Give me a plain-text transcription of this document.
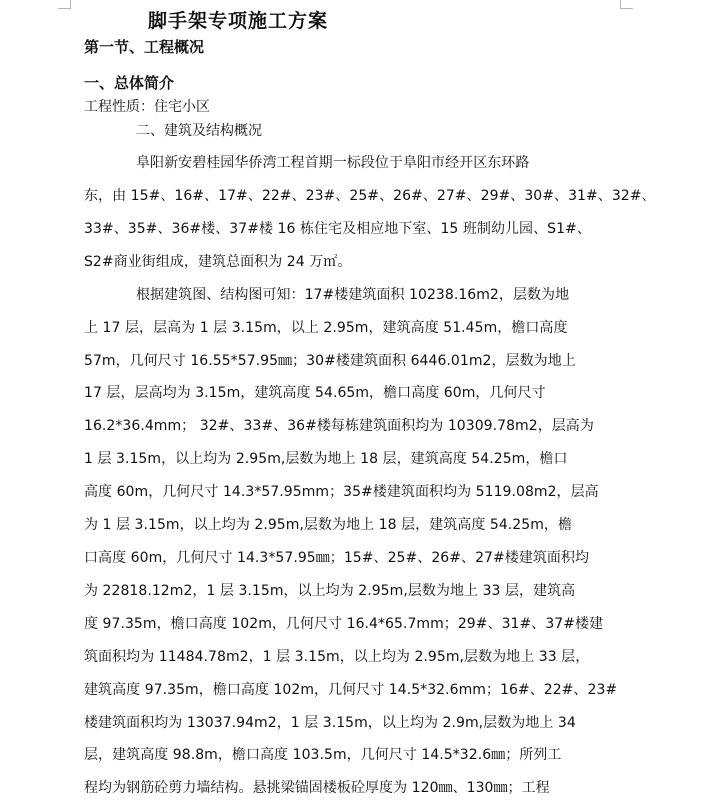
脚手架专项施工方案
第一节、工程概况
一、总体简介
工程性质：住宅小区
二、建筑及结构概况
阜阳新安碧桂园华侨湾工程首期一标段位于阜阳市经开区东环路
东，由 15#、16#、17#、22#、23#、25#、26#、27#、29#、30#、31#、32#、
33#、35#、36#楼、37#楼 16 栋住宅及相应地下室、15 班制幼儿园、S1#、
S2#商业街组成，建筑总面积为 24 万㎡。
根据建筑图、结构图可知：17#楼建筑面积 10238.16m2，层数为地
上 17 层，层高为 1 层 3.15m，以上 2.95m，建筑高度 51.45m，檐口高度
57m，几何尺寸 16.55*57.95㎜；30#楼建筑面积 6446.01m2，层数为地上
17 层，层高均为 3.15m，建筑高度 54.65m，檐口高度 60m，几何尺寸
16.2*36.4mm； 32#、33#、36#楼每栋建筑面积均为 10309.78m2，层高为
1 层 3.15m，以上均为 2.95m,层数为地上 18 层，建筑高度 54.25m，檐口
高度 60m，几何尺寸 14.3*57.95mm；35#楼建筑面积均为 5119.08m2，层高
为 1 层 3.15m，以上均为 2.95m,层数为地上 18 层，建筑高度 54.25m，檐
口高度 60m，几何尺寸 14.3*57.95㎜；15#、25#、26#、27#楼建筑面积均
为 22818.12m2，1 层 3.15m，以上均为 2.95m,层数为地上 33 层，建筑高
度 97.35m，檐口高度 102m，几何尺寸 16.4*65.7mm；29#、31#、37#楼建
筑面积均为 11484.78m2，1 层 3.15m，以上均为 2.95m,层数为地上 33 层，
建筑高度 97.35m，檐口高度 102m，几何尺寸 14.5*32.6mm；16#、22#、23#
楼建筑面积均为 13037.94m2，1 层 3.15m，以上均为 2.9m,层数为地上 34
层，建筑高度 98.8m，檐口高度 103.5m，几何尺寸 14.5*32.6㎜；所列工
程均为钢筋砼剪力墙结构。悬挑梁锚固楼板砼厚度为 120㎜、130㎜；工程
